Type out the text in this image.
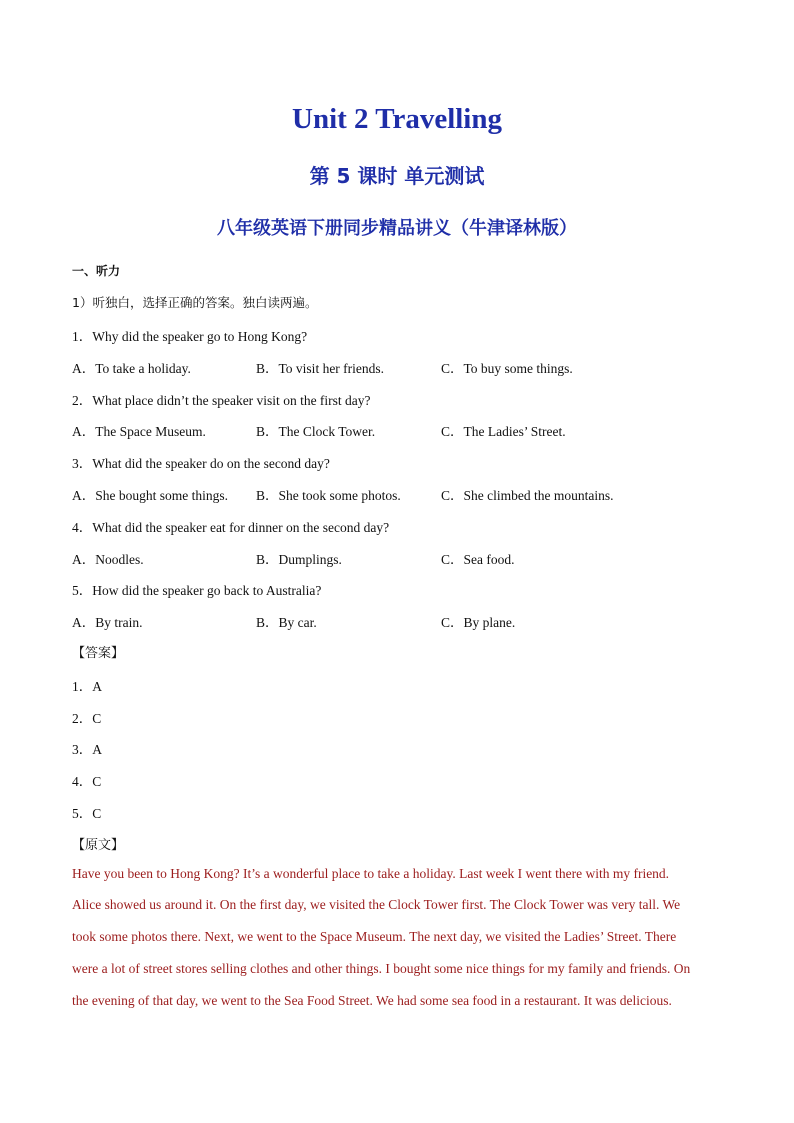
Unit 2 Travelling
第 5 课时 单元测试
八年级英语下册同步精品讲义（牛津译林版）
一、听力
1）听独白，选择正确的答案。独白读两遍。
1．Why did the speaker go to Hong Kong?
A．To take a holiday.	B．To visit her friends.	C．To buy some things.
2．What place didn’t the speaker visit on the first day?
A．The Space Museum.	B．The Clock Tower.	C．The Ladies’ Street.
3．What did the speaker do on the second day?
A．She bought some things. B．She took some photos.	C．She climbed the mountains.
4．What did the speaker eat for dinner on the second day?
A．Noodles.	B．Dumplings.	C．Sea food.
5．How did the speaker go back to Australia?
A．By train.	B．By car.	C．By plane.
【答案】
1．A
2．C
3．A
4．C
5．C
【原文】
Have you been to Hong Kong? It’s a wonderful place to take a holiday. Last week I went there with my friend.
Alice showed us around it. On the first day, we visited the Clock Tower first. The Clock Tower was very tall. We
took some photos there. Next, we went to the Space Museum. The next day, we visited the Ladies’ Street. There
were a lot of street stores selling clothes and other things. I bought some nice things for my family and friends. On
the evening of that day, we went to the Sea Food Street. We had some sea food in a restaurant. It was delicious.
